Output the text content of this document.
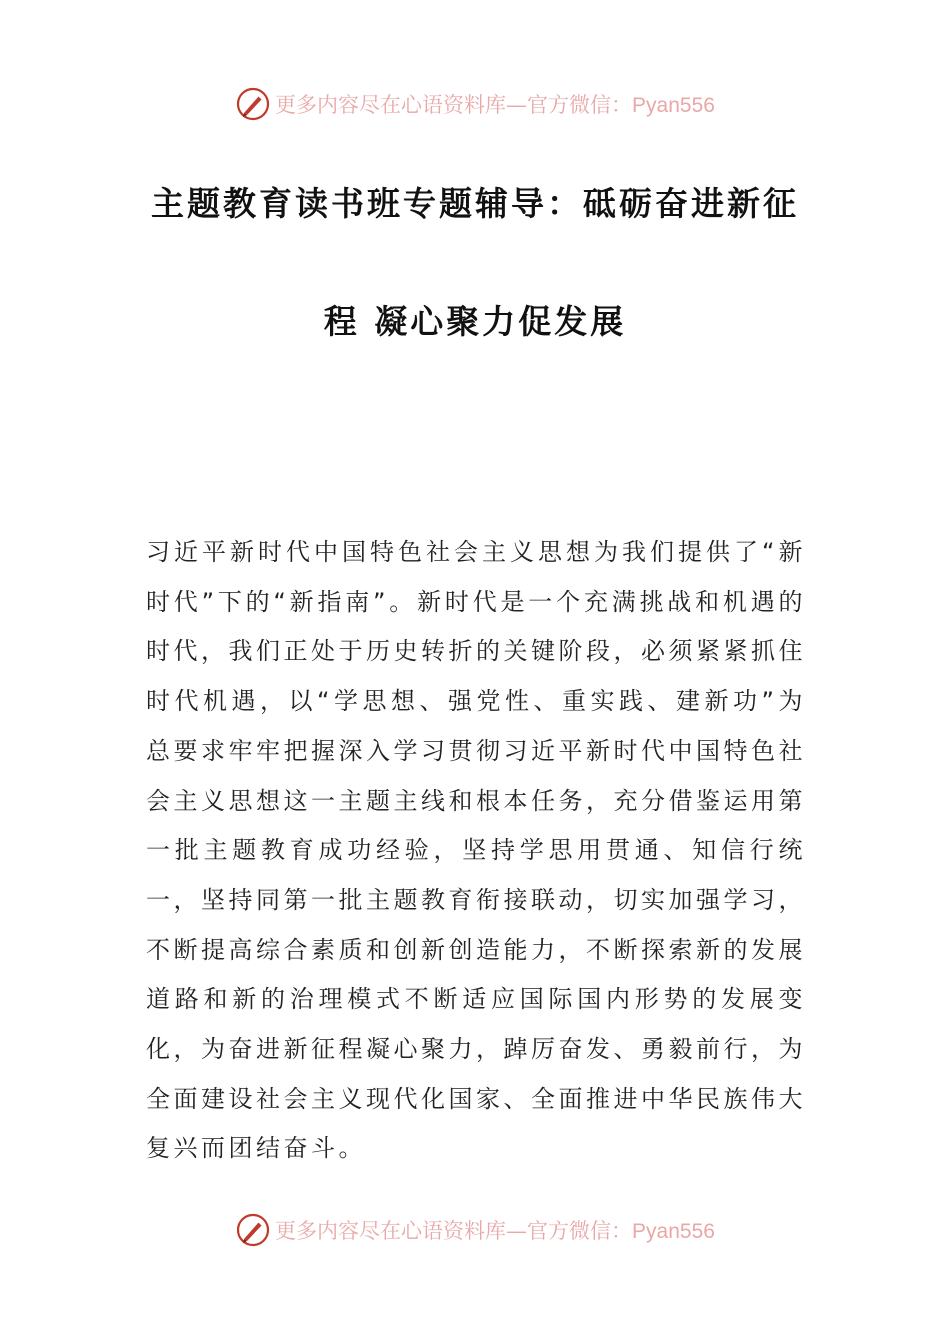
更多内容尽在心语资料库—官方微信：Pyan556
主题教育读书班专题辅导：砥砺奋进新征
程 凝心聚力促发展

习近平新时代中国特色社会主义思想为我们提供了“新时代”下的“新指南”。新时代是一个充满挑战和机遇的时代，我们正处于历史转折的关键阶段，必须紧紧抓住时代机遇，以“学思想、强党性、重实践、建新功”为总要求牢牢把握深入学习贯彻习近平新时代中国特色社会主义思想这一主题主线和根本任务，充分借鉴运用第一批主题教育成功经验，坚持学思用贯通、知信行统一，坚持同第一批主题教育衔接联动，切实加强学习，不断提高综合素质和创新创造能力，不断探索新的发展道路和新的治理模式不断适应国际国内形势的发展变化，为奋进新征程凝心聚力，踔厉奋发、勇毅前行，为全面建设社会主义现代化国家、全面推进中华民族伟大复兴而团结奋斗。

更多内容尽在心语资料库—官方微信：Pyan556
